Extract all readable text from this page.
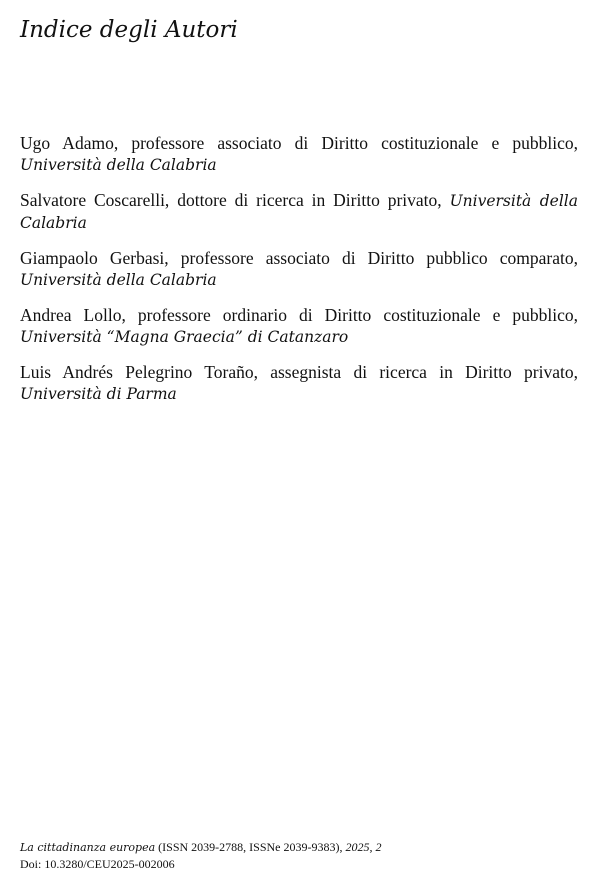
Indice degli Autori

Ugo Adamo, professore associato di Diritto costituzionale e pubblico, Università della Calabria

Salvatore Coscarelli, dottore di ricerca in Diritto privato, Università della Calabria

Giampaolo Gerbasi, professore associato di Diritto pubblico comparato, Università della Calabria

Andrea Lollo, professore ordinario di Diritto costituzionale e pubblico, Università “Magna Graecia” di Catanzaro

Luis Andrés Pelegrino Toraño, assegnista di ricerca in Diritto privato, Università di Parma

La cittadinanza europea (ISSN 2039-2788, ISSNe 2039-9383), 2025, 2
Doi: 10.3280/CEU2025-002006
